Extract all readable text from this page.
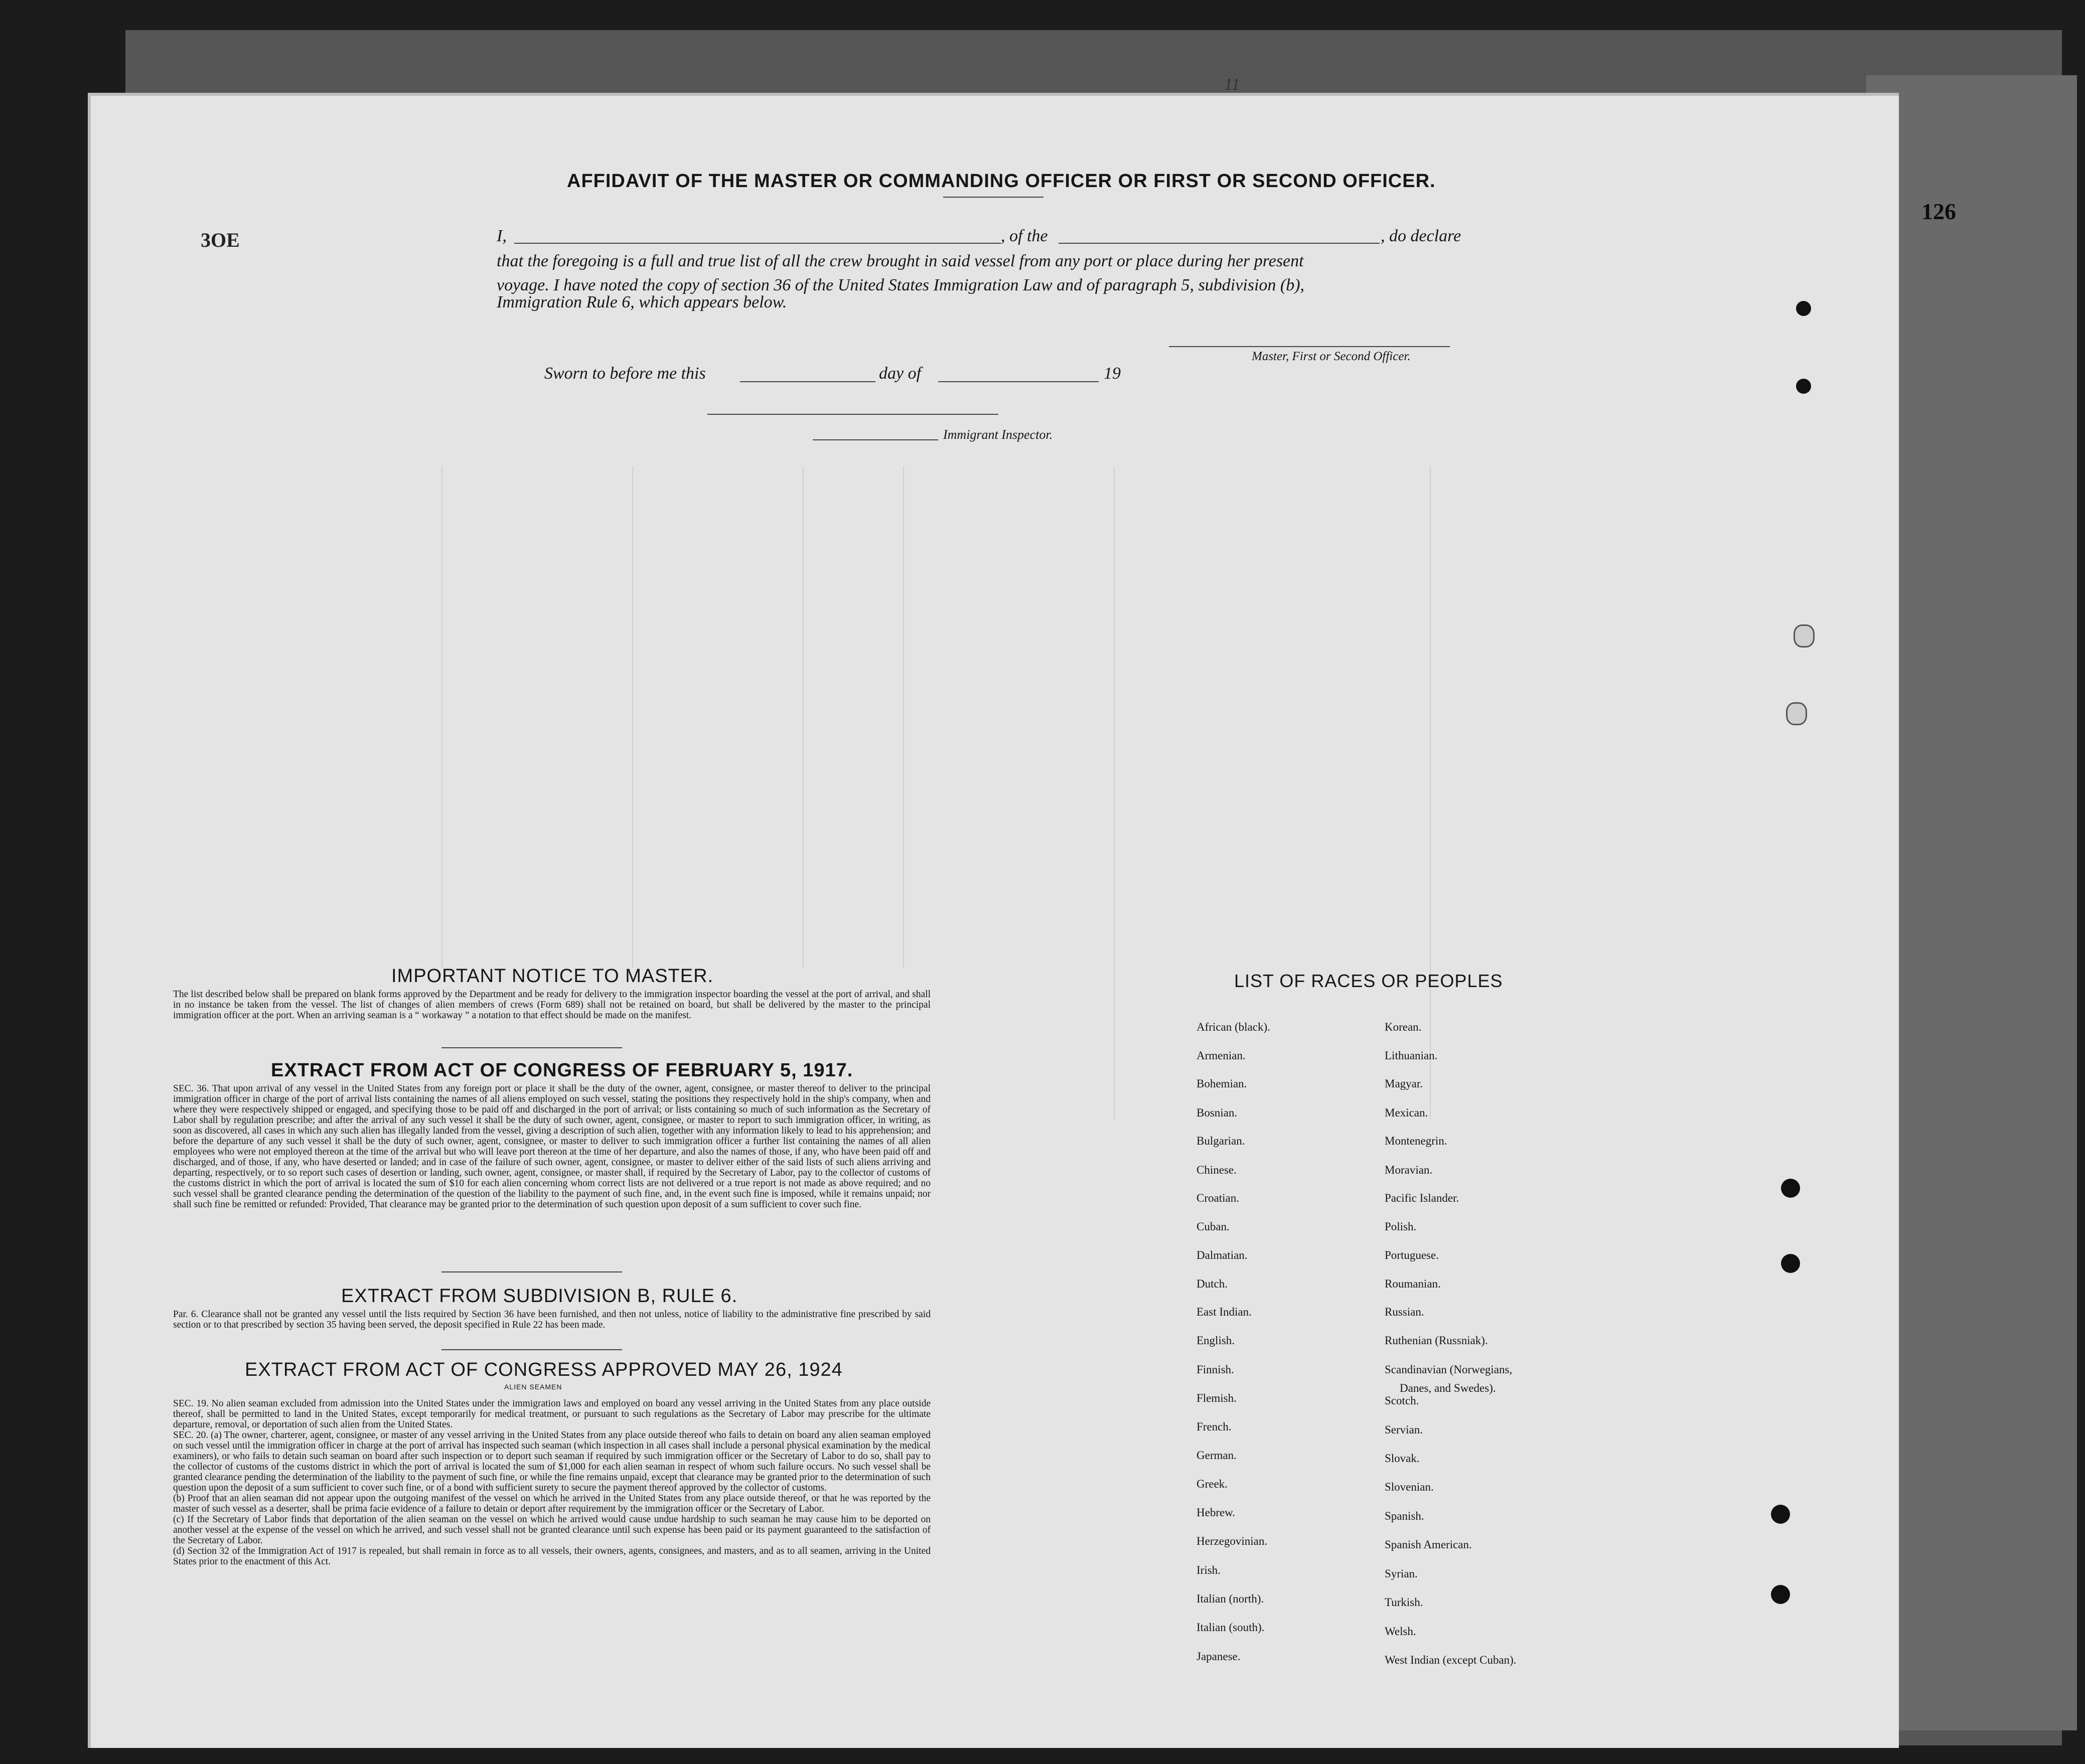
11
3OE
126
AFFIDAVIT OF THE MASTER OR COMMANDING OFFICER OR FIRST OR SECOND OFFICER.
I,	, of the	, do declare
that the foregoing is a full and true list of all the crew brought in said vessel from any port or place during her present
voyage. I have noted the copy of section 36 of the United States Immigration Law and of paragraph 5, subdivision (b),
Immigration Rule 6, which appears below.
Master, First or Second Officer.
Sworn to before me this	day of	19
Immigrant Inspector.
IMPORTANT NOTICE TO MASTER.
The list described below shall be prepared on blank forms approved by the Department and be ready for delivery to the immigration inspector boarding the vessel at the port of arrival, and shall in no instance be taken from the vessel. The list of changes of alien members of crews (Form 689) shall not be retained on board, but shall be delivered by the master to the principal immigration officer at the port. When an arriving seaman is a “ workaway ” a notation to that effect should be made on the manifest.
EXTRACT FROM ACT OF CONGRESS OF FEBRUARY 5, 1917.
SEC. 36. That upon arrival of any vessel in the United States from any foreign port or place it shall be the duty of the owner, agent, consignee, or master thereof to deliver to the principal immigration officer in charge of the port of arrival lists containing the names of all aliens employed on such vessel, stating the positions they respectively hold in the ship's company, when and where they were respectively shipped or engaged, and specifying those to be paid off and discharged in the port of arrival; or lists containing so much of such information as the Secretary of Labor shall by regulation prescribe; and after the arrival of any such vessel it shall be the duty of such owner, agent, consignee, or master to report to such immigration officer, in writing, as soon as discovered, all cases in which any such alien has illegally landed from the vessel, giving a description of such alien, together with any information likely to lead to his apprehension; and before the departure of any such vessel it shall be the duty of such owner, agent, consignee, or master to deliver to such immigration officer a further list containing the names of all alien employees who were not employed thereon at the time of the arrival but who will leave port thereon at the time of her departure, and also the names of those, if any, who have been paid off and discharged, and of those, if any, who have deserted or landed; and in case of the failure of such owner, agent, consignee, or master to deliver either of the said lists of such aliens arriving and departing, respectively, or to so report such cases of desertion or landing, such owner, agent, consignee, or master shall, if required by the Secretary of Labor, pay to the collector of customs of the customs district in which the port of arrival is located the sum of $10 for each alien concerning whom correct lists are not delivered or a true report is not made as above required; and no such vessel shall be granted clearance pending the determination of the question of the liability to the payment of such fine, and, in the event such fine is imposed, while it remains unpaid; nor shall such fine be remitted or refunded: Provided, That clearance may be granted prior to the determination of such question upon deposit of a sum sufficient to cover such fine.
EXTRACT FROM SUBDIVISION B, RULE 6.
Par. 6. Clearance shall not be granted any vessel until the lists required by Section 36 have been furnished, and then not unless, notice of liability to the administrative fine prescribed by said section or to that prescribed by section 35 having been served, the deposit specified in Rule 22 has been made.
EXTRACT FROM ACT OF CONGRESS APPROVED MAY 26, 1924
ALIEN SEAMEN
SEC. 19. No alien seaman excluded from admission into the United States under the immigration laws and employed on board any vessel arriving in the United States from any place outside thereof, shall be permitted to land in the United States, except temporarily for medical treatment, or pursuant to such regulations as the Secretary of Labor may prescribe for the ultimate departure, removal, or deportation of such alien from the United States.
SEC. 20. (a) The owner, charterer, agent, consignee, or master of any vessel arriving in the United States from any place outside thereof who fails to detain on board any alien seaman employed on such vessel until the immigration officer in charge at the port of arrival has inspected such seaman (which inspection in all cases shall include a personal physical examination by the medical examiners), or who fails to detain such seaman on board after such inspection or to deport such seaman if required by such immigration officer or the Secretary of Labor to do so, shall pay to the collector of customs of the customs district in which the port of arrival is located the sum of $1,000 for each alien seaman in respect of whom such failure occurs. No such vessel shall be granted clearance pending the determination of the liability to the payment of such fine, or while the fine remains unpaid, except that clearance may be granted prior to the determination of such question upon the deposit of a sum sufficient to cover such fine, or of a bond with sufficient surety to secure the payment thereof approved by the collector of customs.
(b) Proof that an alien seaman did not appear upon the outgoing manifest of the vessel on which he arrived in the United States from any place outside thereof, or that he was reported by the master of such vessel as a deserter, shall be prima facie evidence of a failure to detain or deport after requirement by the immigration officer or the Secretary of Labor.
(c) If the Secretary of Labor finds that deportation of the alien seaman on the vessel on which he arrived would cause undue hardship to such seaman he may cause him to be deported on another vessel at the expense of the vessel on which he arrived, and such vessel shall not be granted clearance until such expense has been paid or its payment guaranteed to the satisfaction of the Secretary of Labor.
(d) Section 32 of the Immigration Act of 1917 is repealed, but shall remain in force as to all vessels, their owners, agents, consignees, and masters, and as to all seamen, arriving in the United States prior to the enactment of this Act.
LIST OF RACES OR PEOPLES
African (black).
Armenian.
Bohemian.
Bosnian.
Bulgarian.
Chinese.
Croatian.
Cuban.
Dalmatian.
Dutch.
East Indian.
English.
Finnish.
Flemish.
French.
German.
Greek.
Hebrew.
Herzegovinian.
Irish.
Italian (north).
Italian (south).
Japanese.
Korean.
Lithuanian.
Magyar.
Mexican.
Montenegrin.
Moravian.
Pacific Islander.
Polish.
Portuguese.
Roumanian.
Russian.
Ruthenian (Russniak).
Scandinavian (Norwegians,
Scotch.
Servian.
Slovak.
Slovenian.
Spanish.
Spanish American.
Syrian.
Turkish.
Welsh.
West Indian (except Cuban).
Danes, and Swedes).
